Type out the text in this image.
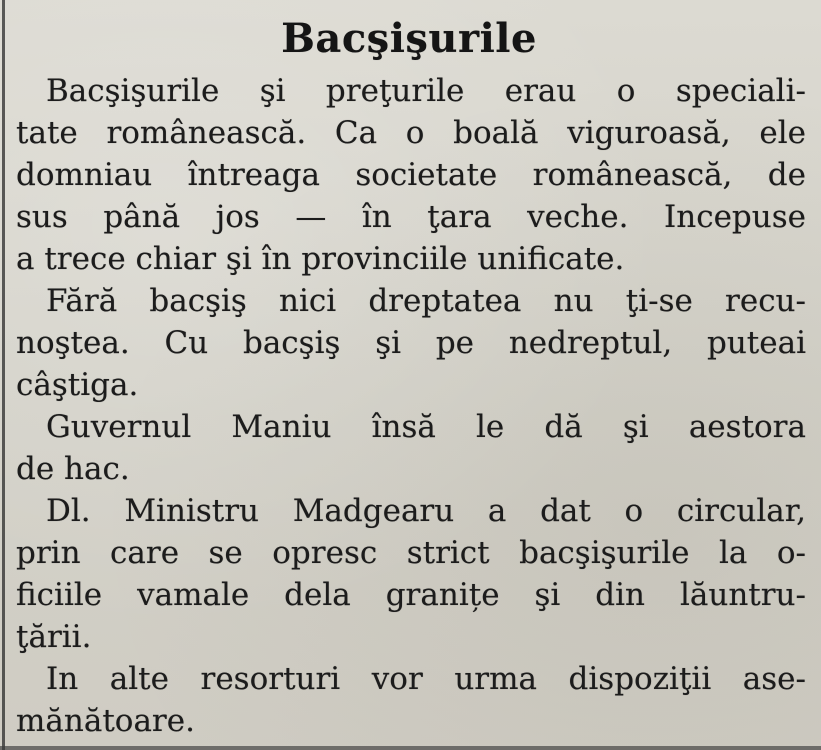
Bacşişurile
Bacşişurile şi preţurile erau o speciali-
tate românească. Ca o boală viguroasă, ele
domniau întreaga societate românească, de
sus până jos — în ţara veche. Incepuse
a trece chiar şi în provinciile unificate.
Fără bacşiş nici dreptatea nu ţi-se recu-
noştea. Cu bacşiş şi pe nedreptul, puteai
câştiga.
Guvernul Maniu însă le dă şi aestora
de hac.
Dl. Ministru Madgearu a dat o circular,
prin care se opresc strict bacşişurile la o-
ficiile vamale dela granițe şi din lăuntru-
ţării.
In alte resorturi vor urma dispoziţii ase-
mănătoare.
